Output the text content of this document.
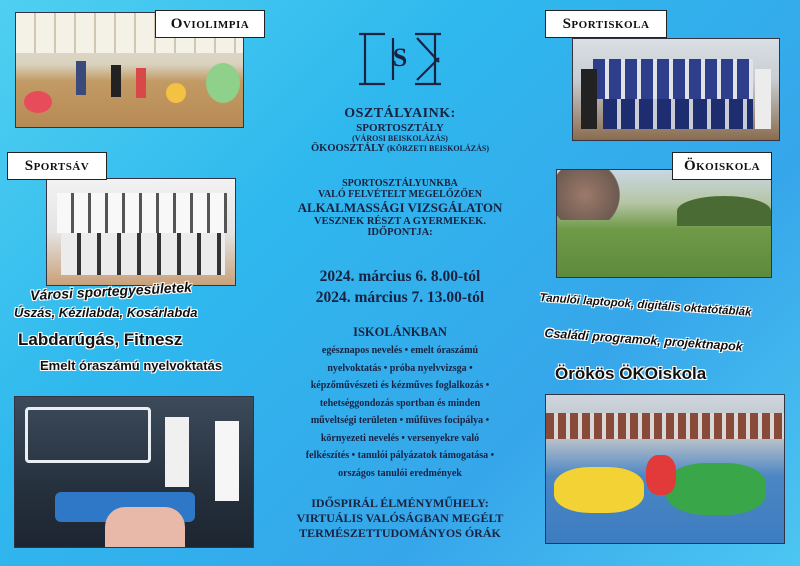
Oviolimpia	Sportiskola
Sportsáv	Ökoiskola
S
OSZTÁLYAINK:
SPORTOSZTÁLY
(VÁROSI BEISKOLÁZÁS)
ÖKOOSZTÁLY (KÖRZETI BEISKOLÁZÁS)
SPORTOSZTÁLYUNKBA
VALÓ FELVÉTELT MEGELŐZŐEN
ALKALMASSÁGI VIZSGÁLATON
VESZNEK RÉSZT A GYERMEKEK.
IDŐPONTJA:
2024. március 6. 8.00-tól
2024. március 7. 13.00-tól
ISKOLÁNKBAN
egésznapos nevelés • emelt óraszámú
nyelvoktatás • próba nyelvvizsga •
képzőművészeti és kézműves foglalkozás •
tehetséggondozás sportban és minden
műveltségi területen • műfüves focipálya •
környezeti nevelés • versenyekre való
felkészítés • tanulói pályázatok támogatása •
országos tanulói eredmények
IDŐSPIRÁL ÉLMÉNYMŰHELY:
VIRTUÁLIS VALÓSÁGBAN MEGÉLT
TERMÉSZETTUDOMÁNYOS ÓRÁK
Városi sportegyesületek
Úszás, Kézilabda, Kosárlabda
Labdarúgás, Fitnesz
Emelt óraszámú nyelvoktatás
Tanulói laptopok, digitális oktatótáblák
Családi programok, projektnapok
Örökös ÖKOiskola
